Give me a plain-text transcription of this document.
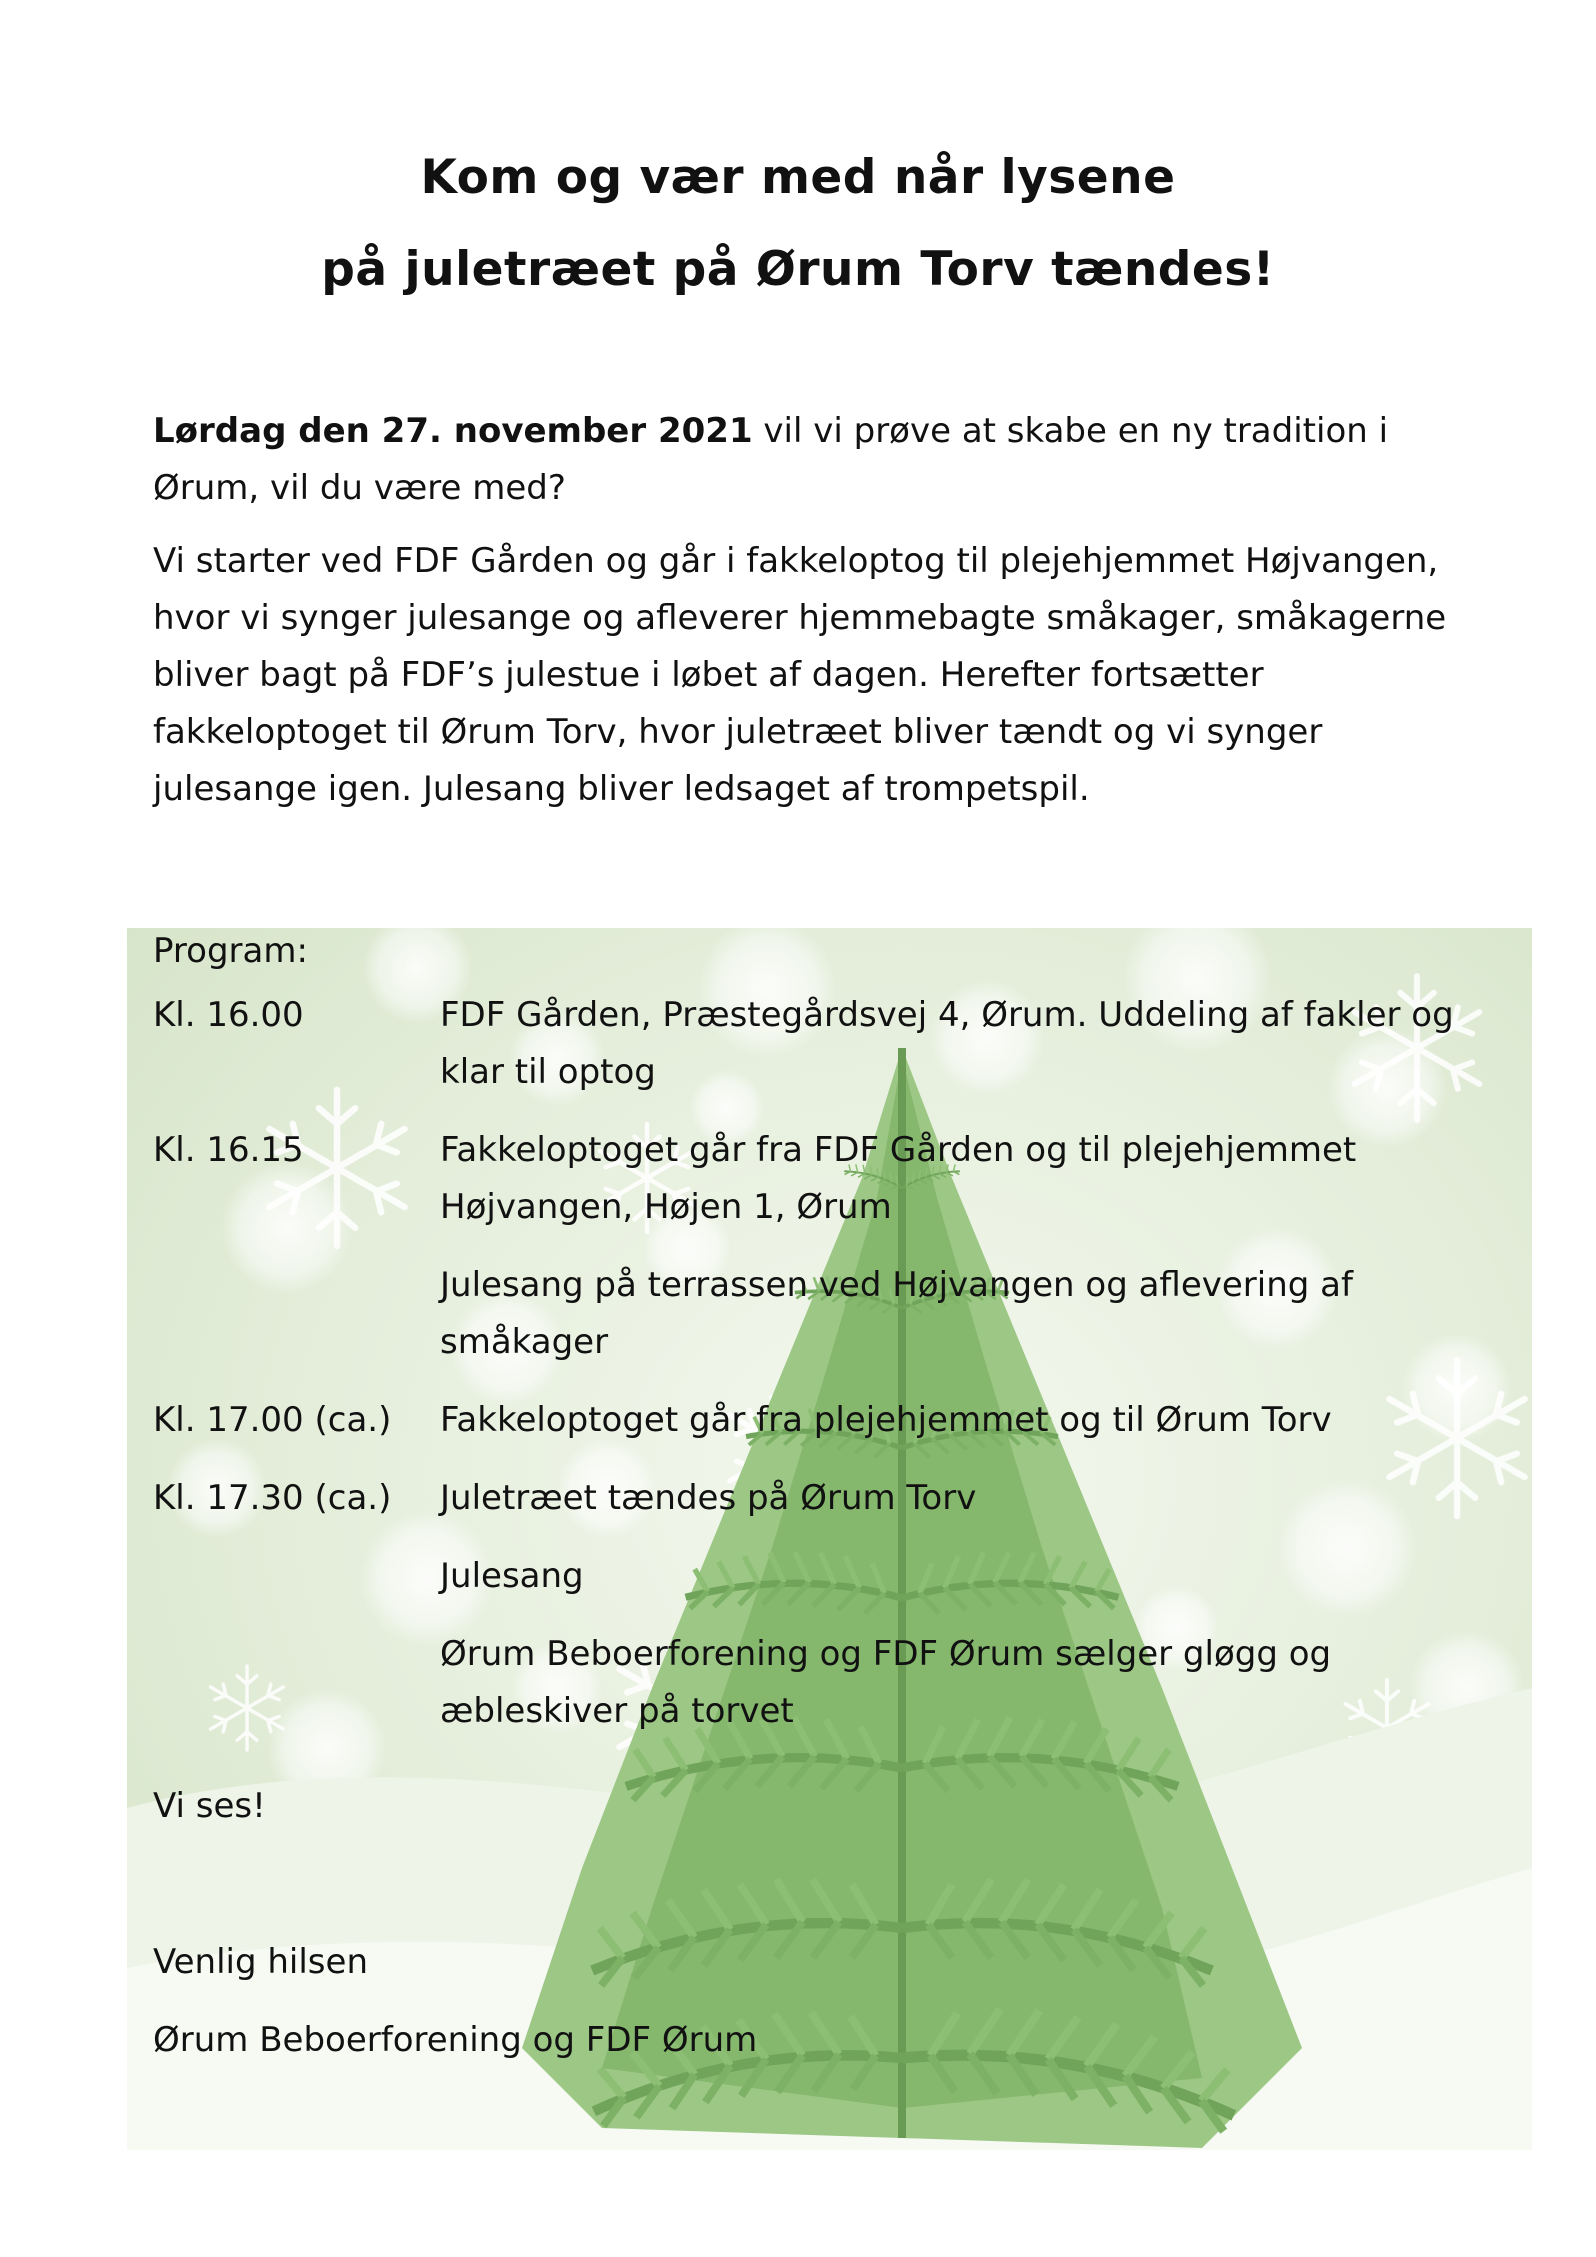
Kom og vær med når lysene
på juletræet på Ørum Torv tændes!

Lørdag den 27. november 2021 vil vi prøve at skabe en ny tradition i Ørum, vil du være med?

Vi starter ved FDF Gården og går i fakkeloptog til plejehjemmet Højvangen, hvor vi synger julesange og afleverer hjemmebagte småkager, småkagerne bliver bagt på FDF’s julestue i løbet af dagen. Herefter fortsætter fakkeloptoget til Ørum Torv, hvor juletræet bliver tændt og vi synger julesange igen. Julesang bliver ledsaget af trompetspil.

Program:
Kl. 16.00	FDF Gården, Præstegårdsvej 4, Ørum. Uddeling af fakler og klar til optog
Kl. 16.15	Fakkeloptoget går fra FDF Gården og til plejehjemmet Højvangen, Højen 1, Ørum
Julesang på terrassen ved Højvangen og aflevering af småkager
Kl. 17.00 (ca.)	Fakkeloptoget går fra plejehjemmet og til Ørum Torv
Kl. 17.30 (ca.)	Juletræet tændes på Ørum Torv
Julesang
Ørum Beboerforening og FDF Ørum sælger gløgg og æbleskiver på torvet
Vi ses!
Venlig hilsen
Ørum Beboerforening og FDF Ørum
